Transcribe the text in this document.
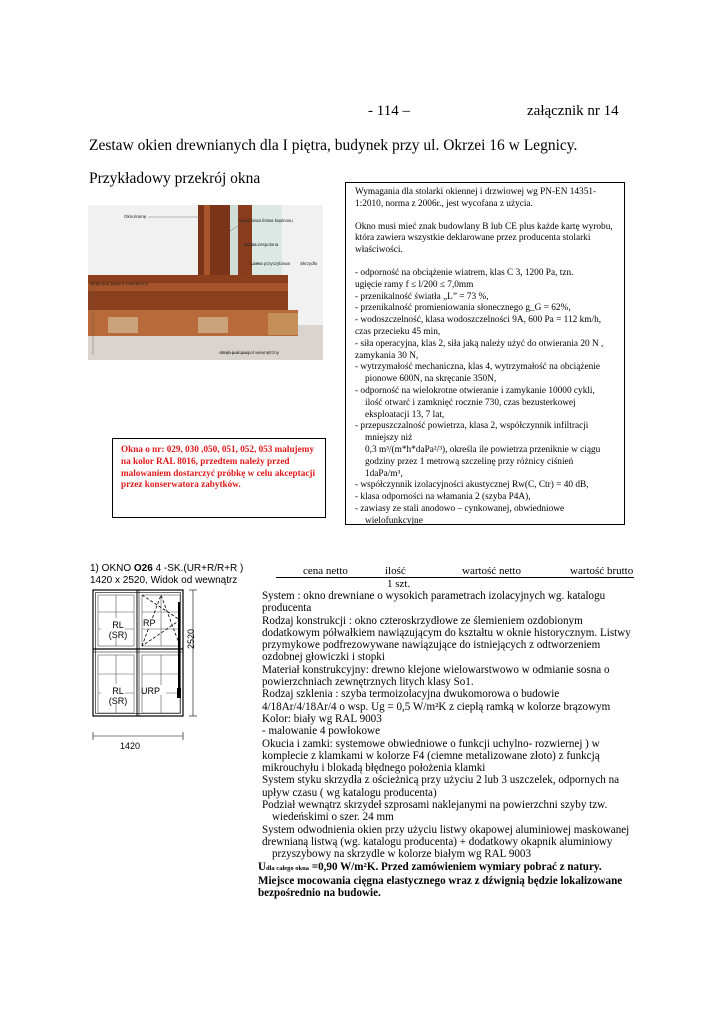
- 114 –	załącznik nr 14
Zestaw okien drewnianych dla I piętra, budynek przy ul. Okrzei 16 w Legnicy.
Przykładowy przekrój okna
Okno/ramę
Aluminiowa listwa kapinosu
Szyba zespolona
Listwa przyszybowa Skrzydło
Wręb pod paspol zewnętrzny
Wręb pod paspol wewnętrzny

Wymagania dla stolarki okiennej i drzwiowej wg PN-EN 14351-1:2010, norma z 2006r., jest wycofana z użycia.

Okno musi mieć znak budowlany B lub CE plus każde kartę wyrobu, która zawiera wszystkie deklarowane przez producenta stolarki właściwości.

- odporność na obciążenie wiatrem, klas C 3, 1200 Pa, tzn.

ugięcie ramy f ≤ l/200 ≤ 7,0mm

- przenikalność światła „L” = 73 %,

- przenikalność promieniowania słonecznego g_G = 62%,

- wodoszczelność, klasa wodoszczelności 9A, 600 Pa = 112 km/h, czas przecieku 45 min,

- siła operacyjna, klas 2, siła jaką należy użyć do otwierania 20 N , zamykania 30 N,

- wytrzymałość mechaniczna, klas 4, wytrzymałość na obciążenie

pionowe 600N, na skręcanie 350N,

- odporność na wielokrotne otwieranie i zamykanie 10000 cykli,

ilość otwarć i zamknięć rocznie 730, czas bezusterkowej

eksploatacji 13, 7 lat,

- przepuszczalność powietrza, klasa 2, współczynnik infiltracji

mniejszy niż

0,3 m³/(m*h*daPa²/³), określa ile powietrza przeniknie w ciągu

godziny przez 1 metrową szczelinę przy różnicy ciśnień

1daPa/m³,

- współczynnik izolacyjności akustycznej Rw(C, Ctr) = 40 dB,

- klasa odporności na włamania 2 (szyba P4A),

- zawiasy ze stali anodowo – cynkowanej, obwiedniowe

wielofunkcyjne

Okna o nr: 029, 030 ,050, 051, 052, 053 malujemy na kolor RAL 8016, przedtem należy przed malowaniem dostarczyć próbkę w celu akceptacji przez konserwatora zabytków.
1) OKNO O26 4 -SK.(UR+R/R+R )
1420 x 2520, Widok od wewnątrz
RL
(SR)
RP
RL
(SR)
URP
2520
1420
cena netto	ilość	wartość netto	wartość brutto
1 szt.

System : okno drewniane o wysokich parametrach izolacyjnych wg. katalogu producenta

Rodzaj konstrukcji : okno czteroskrzydłowe ze ślemieniem ozdobionym dodatkowym półwałkiem nawiązującym do kształtu w oknie historycznym. Listwy przymykowe podfrezowywane nawiązujące do istniejących z odtworzeniem ozdobnej głowiczki i stopki

Materiał konstrukcyjny: drewno klejone wielowarstwowo w odmianie sosna o powierzchniach zewnętrznych litych klasy So1.

Rodzaj szklenia : szyba termoizolacyjna dwukomorowa o budowie 4/18Ar/4/18Ar/4 o wsp. Ug = 0,5 W/m²K z ciepłą ramką w kolorze brązowym

Kolor: biały wg RAL 9003

- malowanie 4 powłokowe

Okucia i zamki: systemowe obwiedniowe o funkcji uchylno- rozwiernej ) w komplecie z klamkami w kolorze F4 (ciemne metalizowane złoto) z funkcją mikrouchyłu i blokadą błędnego położenia klamki

System styku skrzydła z ościeżnicą przy użyciu 2 lub 3 uszczelek, odpornych na upływ czasu ( wg katalogu producenta)

Podział wewnątrz skrzydeł szprosami naklejanymi na powierzchni szyby tzw.

wiedeńskimi o szer. 24 mm

System odwodnienia okien przy użyciu listwy okapowej aluminiowej maskowanej drewnianą listwą (wg. katalogu producenta) + dodatkowy okapnik aluminiowy

przyszybowy na skrzydle w kolorze białym wg RAL 9003

Udla całego okna =0,90 W/m²K. Przed zamówieniem wymiary pobrać z natury.

Miejsce mocowania cięgna elastycznego wraz z dźwignią będzie lokalizowane bezpośrednio na budowie.
